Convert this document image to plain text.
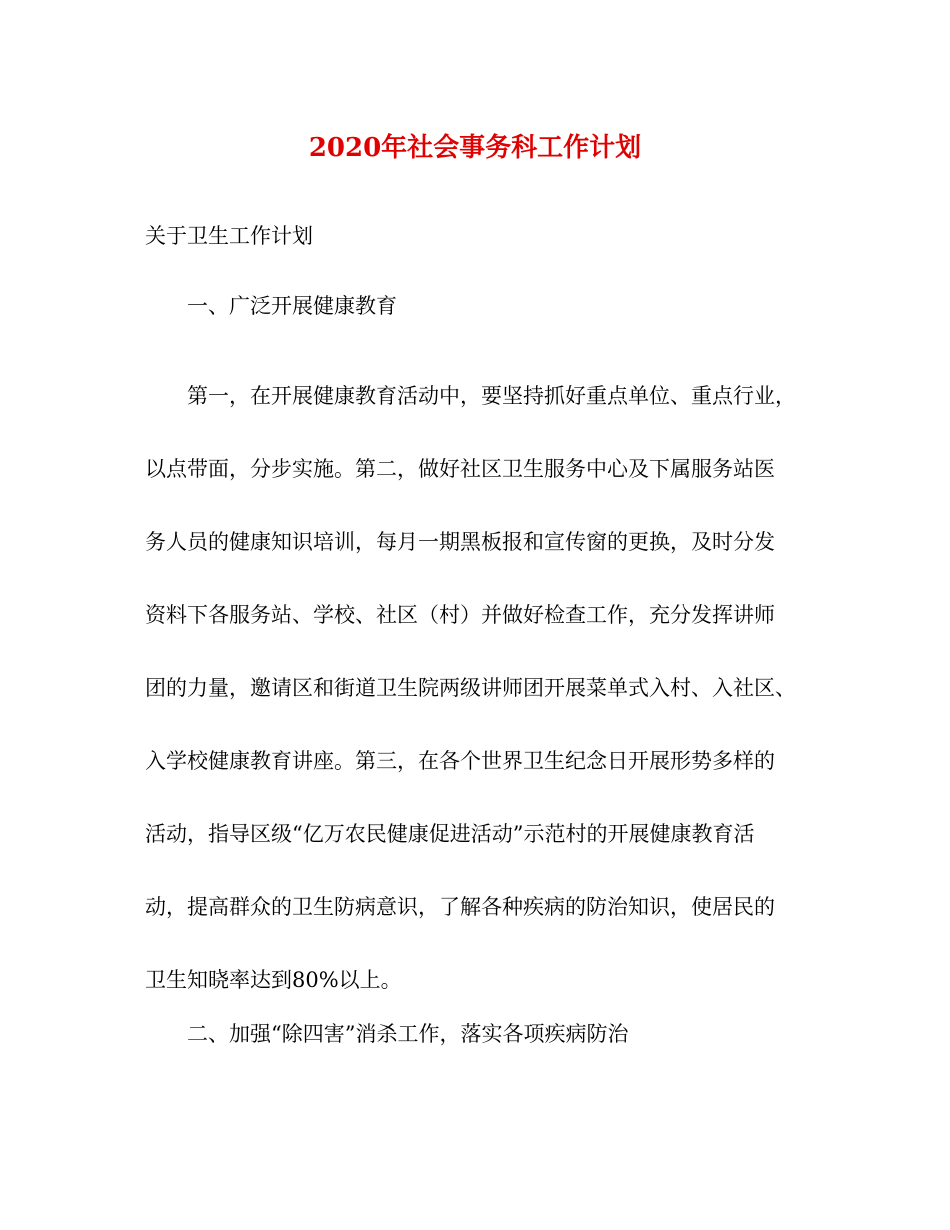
2020年社会事务科工作计划
关于卫生工作计划
一、广泛开展健康教育
第一，在开展健康教育活动中，要坚持抓好重点单位、重点行业，
以点带面，分步实施。第二，做好社区卫生服务中心及下属服务站医
务人员的健康知识培训，每月一期黑板报和宣传窗的更换，及时分发
资料下各服务站、学校、社区（村）并做好检查工作，充分发挥讲师
团的力量，邀请区和街道卫生院两级讲师团开展菜单式入村、入社区、
入学校健康教育讲座。第三，在各个世界卫生纪念日开展形势多样的
活动，指导区级“亿万农民健康促进活动”示范村的开展健康教育活
动，提高群众的卫生防病意识，了解各种疾病的防治知识，使居民的
卫生知晓率达到80%以上。
二、加强“除四害”消杀工作，落实各项疾病防治
